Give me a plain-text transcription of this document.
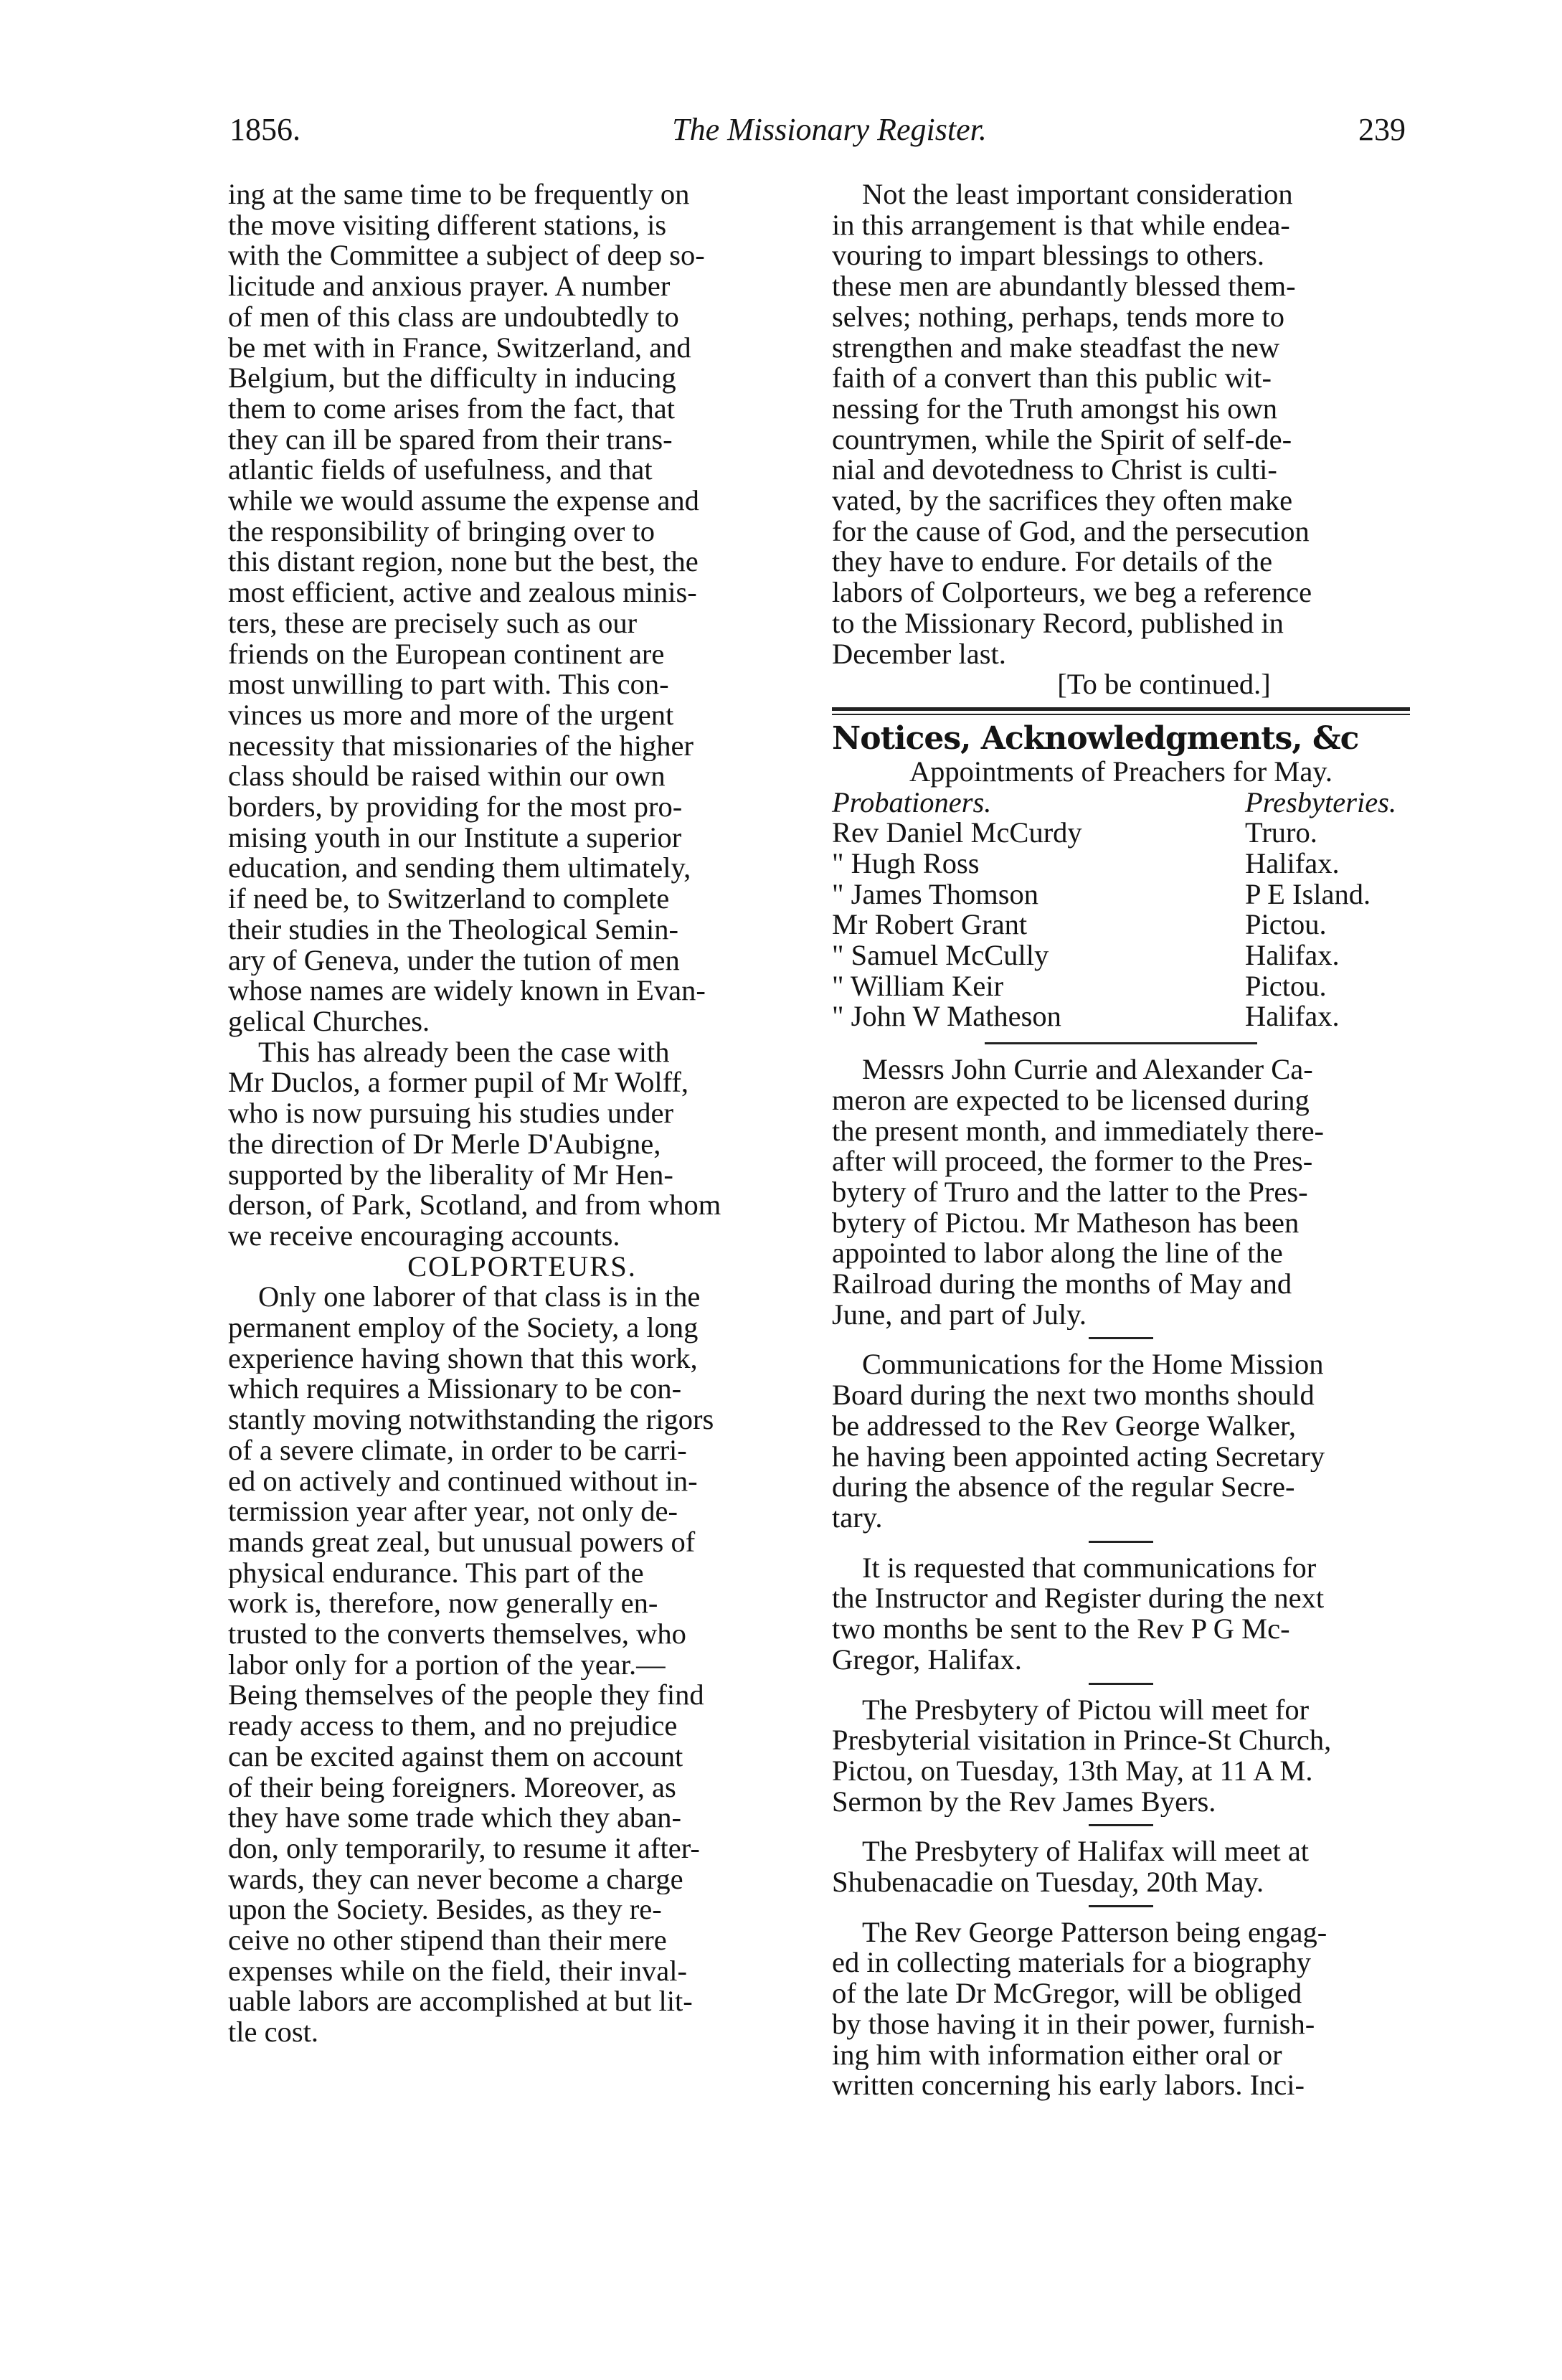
1856.	The Missionary Register.	239
ing at the same time to be frequently on
the move visiting different stations, is
with the Committee a subject of deep so-
licitude and anxious prayer. A number
of men of this class are undoubtedly to
be met with in France, Switzerland, and
Belgium, but the difficulty in inducing
them to come arises from the fact, that
they can ill be spared from their trans-
atlantic fields of usefulness, and that
while we would assume the expense and
the responsibility of bringing over to
this distant region, none but the best, the
most efficient, active and zealous minis-
ters, these are precisely such as our
friends on the European continent are
most unwilling to part with. This con-
vinces us more and more of the urgent
necessity that missionaries of the higher
class should be raised within our own
borders, by providing for the most pro-
mising youth in our Institute a superior
education, and sending them ultimately,
if need be, to Switzerland to complete
their studies in the Theological Semin-
ary of Geneva, under the tution of men
whose names are widely known in Evan-
gelical Churches.
This has already been the case with
Mr Duclos, a former pupil of Mr Wolff,
who is now pursuing his studies under
the direction of Dr Merle D'Aubigne,
supported by the liberality of Mr Hen-
derson, of Park, Scotland, and from whom
we receive encouraging accounts.

COLPORTEURS.

Only one laborer of that class is in the
permanent employ of the Society, a long
experience having shown that this work,
which requires a Missionary to be con-
stantly moving notwithstanding the rigors
of a severe climate, in order to be carri-
ed on actively and continued without in-
termission year after year, not only de-
mands great zeal, but unusual powers of
physical endurance. This part of the
work is, therefore, now generally en-
trusted to the converts themselves, who
labor only for a portion of the year.—
Being themselves of the people they find
ready access to them, and no prejudice
can be excited against them on account
of their being foreigners. Moreover, as
they have some trade which they aban-
don, only temporarily, to resume it after-
wards, they can never become a charge
upon the Society. Besides, as they re-
ceive no other stipend than their mere
expenses while on the field, their inval-
uable labors are accomplished at but lit-
tle cost.
Not the least important consideration
in this arrangement is that while endea-
vouring to impart blessings to others.
these men are abundantly blessed them-
selves; nothing, perhaps, tends more to
strengthen and make steadfast the new
faith of a convert than this public wit-
nessing for the Truth amongst his own
countrymen, while the Spirit of self-de-
nial and devotedness to Christ is culti-
vated, by the sacrifices they often make
for the cause of God, and the persecution
they have to endure. For details of the
labors of Colporteurs, we beg a reference
to the Missionary Record, published in
December last.

[To be continued.]

Notices, Acknowledgments, &c

Appointments of Preachers for May.

Probationers.	Presbyteries.
Rev Daniel McCurdy	Truro.
" Hugh Ross	Halifax.
" James Thomson	P E Island.
Mr Robert Grant	Pictou.
" Samuel McCully	Halifax.
" William Keir	Pictou.
" John W Matheson	Halifax.
Messrs John Currie and Alexander Ca-
meron are expected to be licensed during
the present month, and immediately there-
after will proceed, the former to the Pres-
bytery of Truro and the latter to the Pres-
bytery of Pictou. Mr Matheson has been
appointed to labor along the line of the
Railroad during the months of May and
June, and part of July.
Communications for the Home Mission
Board during the next two months should
be addressed to the Rev George Walker,
he having been appointed acting Secretary
during the absence of the regular Secre-
tary.
It is requested that communications for
the Instructor and Register during the next
two months be sent to the Rev P G Mc-
Gregor, Halifax.
The Presbytery of Pictou will meet for
Presbyterial visitation in Prince-St Church,
Pictou, on Tuesday, 13th May, at 11 A M.
Sermon by the Rev James Byers.
The Presbytery of Halifax will meet at
Shubenacadie on Tuesday, 20th May.
The Rev George Patterson being engag-
ed in collecting materials for a biography
of the late Dr McGregor, will be obliged
by those having it in their power, furnish-
ing him with information either oral or
written concerning his early labors. Inci-
